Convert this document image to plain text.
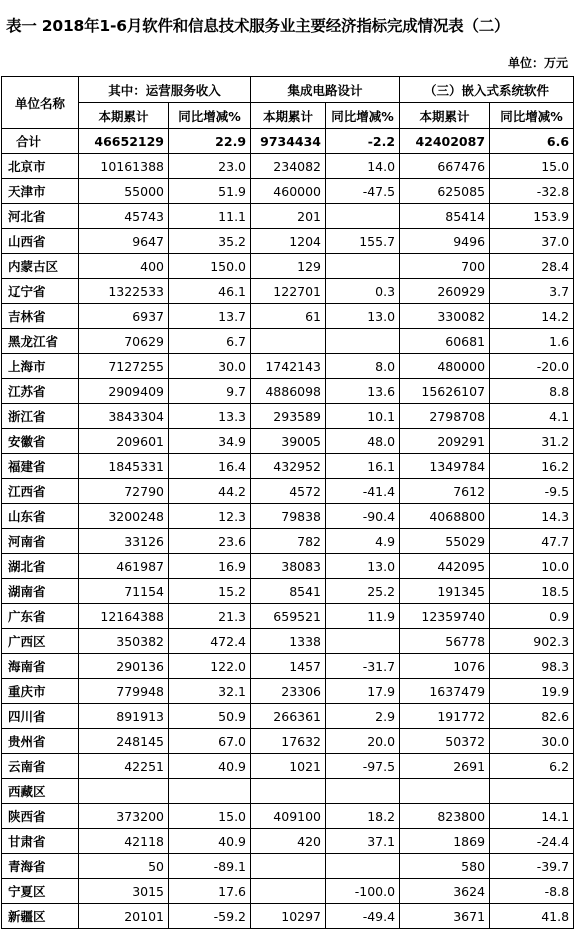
表一 2018年1-6月软件和信息技术服务业主要经济指标完成情况表（二）
单位：万元
单位名称	其中：运营服务收入		集成电路设计		（三）嵌入式系统软件	
	本期累计	同比增减%	本期累计	同比增减%	本期累计	同比增减%
合计	46652129	22.9	9734434	-2.2	42402087	6.6
北京市	10161388	23.0	234082	14.0	667476	15.0
天津市	55000	51.9	460000	-47.5	625085	-32.8
河北省	45743	11.1	201		85414	153.9
山西省	9647	35.2	1204	155.7	9496	37.0
内蒙古区	400	150.0	129		700	28.4
辽宁省	1322533	46.1	122701	0.3	260929	3.7
吉林省	6937	13.7	61	13.0	330082	14.2
黑龙江省	70629	6.7			60681	1.6
上海市	7127255	30.0	1742143	8.0	480000	-20.0
江苏省	2909409	9.7	4886098	13.6	15626107	8.8
浙江省	3843304	13.3	293589	10.1	2798708	4.1
安徽省	209601	34.9	39005	48.0	209291	31.2
福建省	1845331	16.4	432952	16.1	1349784	16.2
江西省	72790	44.2	4572	-41.4	7612	-9.5
山东省	3200248	12.3	79838	-90.4	4068800	14.3
河南省	33126	23.6	782	4.9	55029	47.7
湖北省	461987	16.9	38083	13.0	442095	10.0
湖南省	71154	15.2	8541	25.2	191345	18.5
广东省	12164388	21.3	659521	11.9	12359740	0.9
广西区	350382	472.4	1338		56778	902.3
海南省	290136	122.0	1457	-31.7	1076	98.3
重庆市	779948	32.1	23306	17.9	1637479	19.9
四川省	891913	50.9	266361	2.9	191772	82.6
贵州省	248145	67.0	17632	20.0	50372	30.0
云南省	42251	40.9	1021	-97.5	2691	6.2
西藏区						
陕西省	373200	15.0	409100	18.2	823800	14.1
甘肃省	42118	40.9	420	37.1	1869	-24.4
青海省	50	-89.1			580	-39.7
宁夏区	3015	17.6		-100.0	3624	-8.8
新疆区	20101	-59.2	10297	-49.4	3671	41.8
